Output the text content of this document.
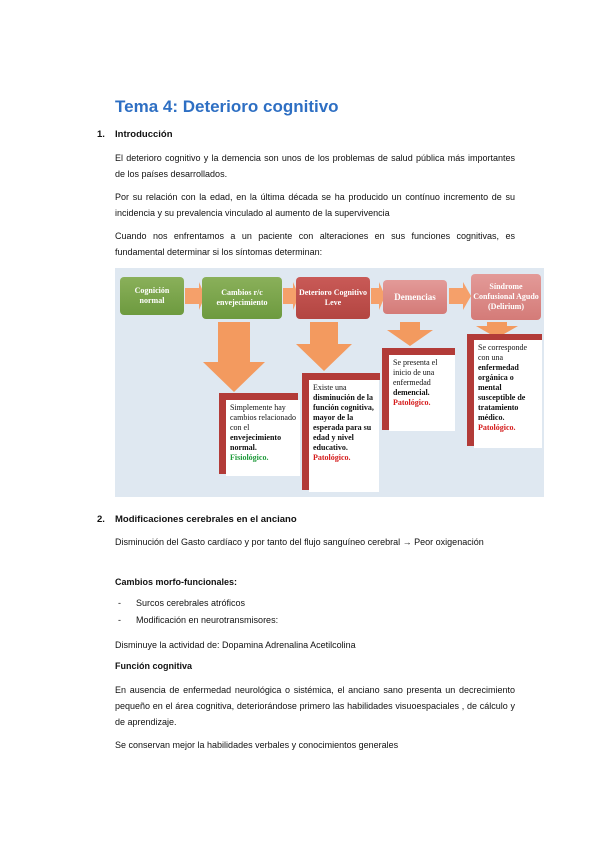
Tema 4: Deterioro cognitivo
1. Introducción
El deterioro cognitivo y la demencia son unos de los problemas de salud pública más importantes de los países desarrollados.
Por su relación con la edad, en la última década se ha producido un contínuo incremento de su incidencia y su prevalencia vinculado al aumento de la supervivencia
Cuando nos enfrentamos a un paciente con alteraciones en sus funciones cognitivas, es fundamental determinar si los síntomas determinan:
Cognición normal
Cambios r/c envejecimiento
Deterioro Cognitivo Leve
Demencias
Síndrome Confusional Agudo (Delirium)
Simplemente hay cambios relacionado con el envejecimiento normal. Fisiológico.
Existe una disminución de la función cognitiva, mayor de la esperada para su edad y nivel educativo. Patológico.
Se presenta el inicio de una enfermedad demencial. Patológico.
Se corresponde con una enfermedad orgánica o mental susceptible de tratamiento médico. Patológico.
2. Modificaciones cerebrales en el anciano
Disminución del Gasto cardíaco y por tanto del flujo sanguíneo cerebral → Peor oxigenación
Cambios morfo-funcionales:
- Surcos cerebrales atróficos
- Modificación en neurotransmisores:
Disminuye la actividad de: Dopamina Adrenalina Acetilcolina
Función cognitiva
En ausencia de enfermedad neurológica o sistémica, el anciano sano presenta un decrecimiento pequeño en el área cognitiva, deteriorándose primero las habilidades visuoespaciales , de cálculo y de aprendizaje.
Se conservan mejor la habilidades verbales y conocimientos generales
